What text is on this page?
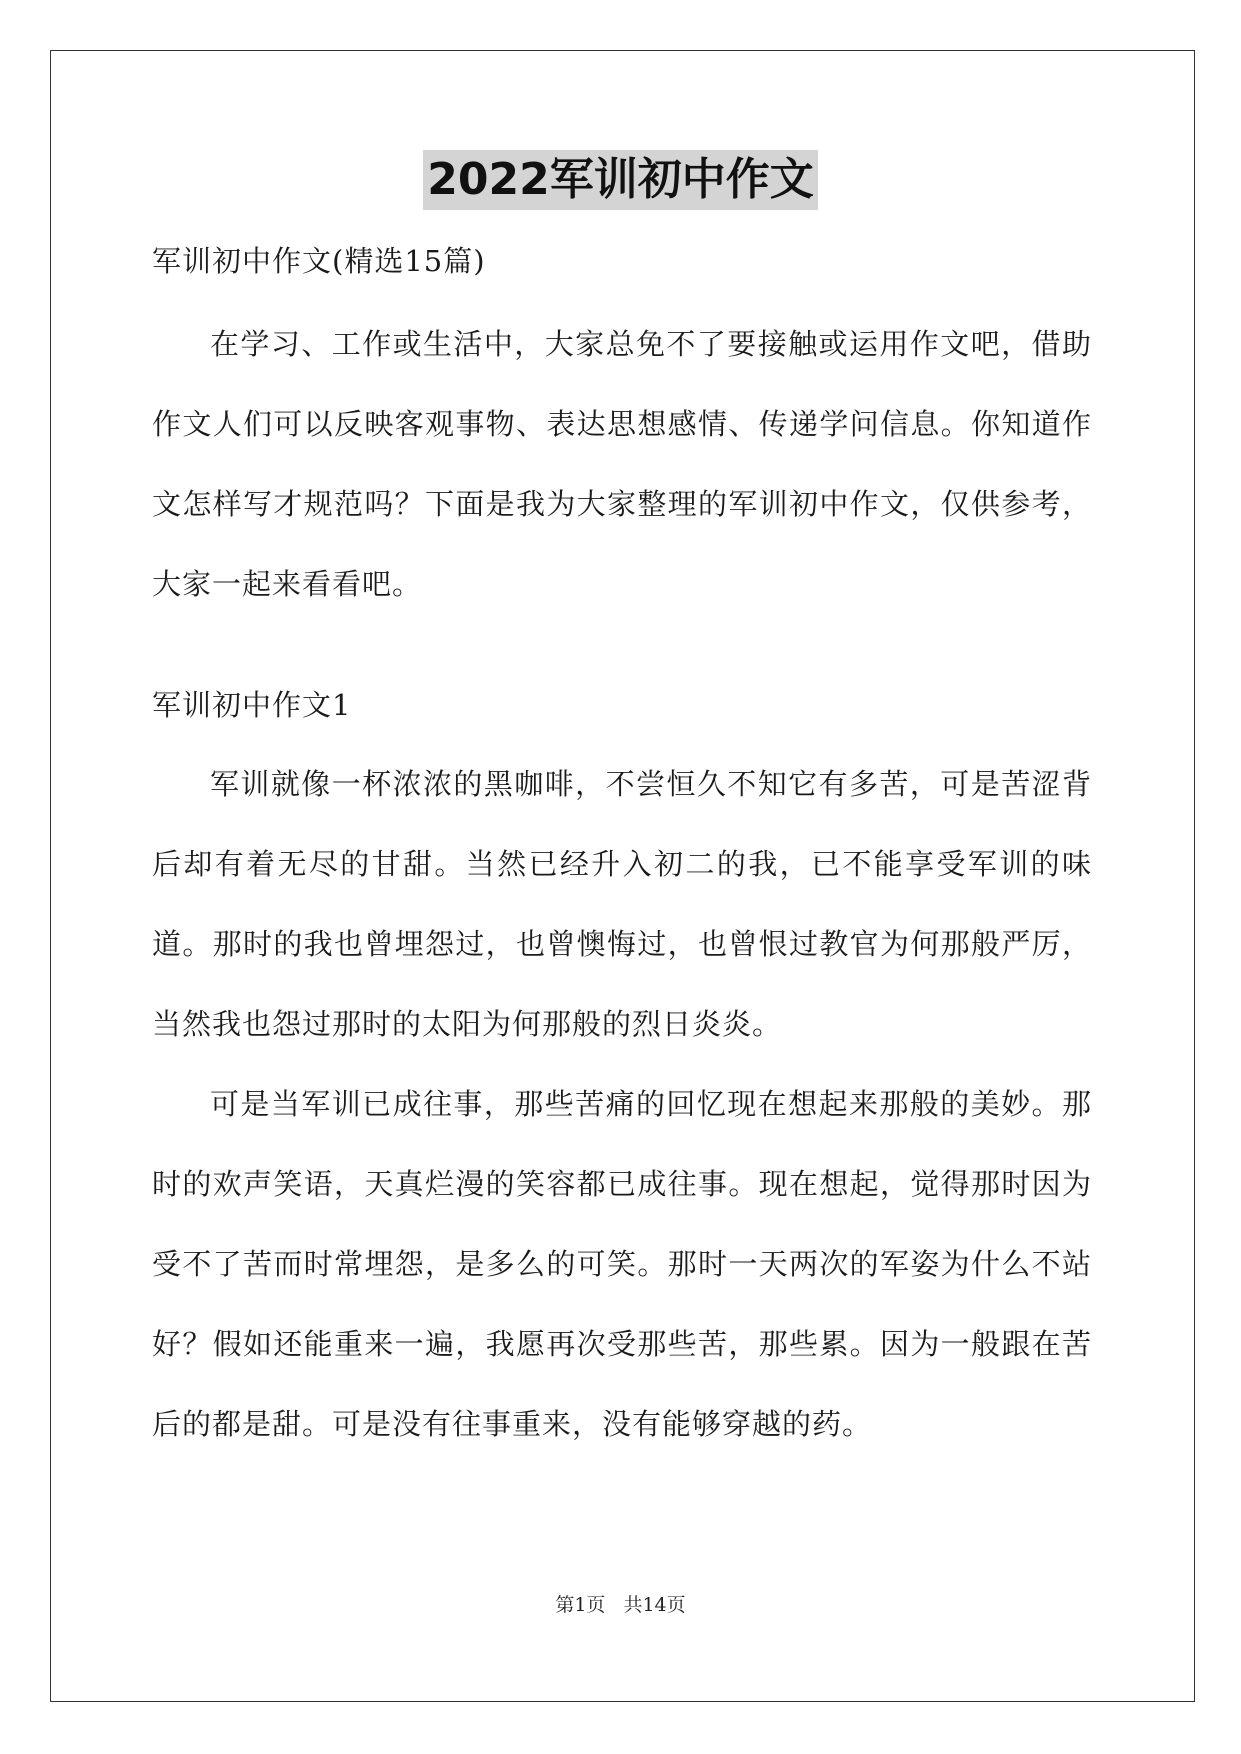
2022军训初中作文

军训初中作文(精选15篇)

在学习、工作或生活中，大家总免不了要接触或运用作文吧，借助作文人们可以反映客观事物、表达思想感情、传递学问信息。你知道作文怎样写才规范吗？下面是我为大家整理的军训初中作文，仅供参考，大家一起来看看吧。

军训初中作文1

军训就像一杯浓浓的黑咖啡，不尝恒久不知它有多苦，可是苦涩背后却有着无尽的甘甜。当然已经升入初二的我，已不能享受军训的味道。那时的我也曾埋怨过，也曾懊悔过，也曾恨过教官为何那般严厉，当然我也怨过那时的太阳为何那般的烈日炎炎。

可是当军训已成往事，那些苦痛的回忆现在想起来那般的美妙。那时的欢声笑语，天真烂漫的笑容都已成往事。现在想起，觉得那时因为受不了苦而时常埋怨，是多么的可笑。那时一天两次的军姿为什么不站好？假如还能重来一遍，我愿再次受那些苦，那些累。因为一般跟在苦后的都是甜。可是没有往事重来，没有能够穿越的药。

第1页 共14页
